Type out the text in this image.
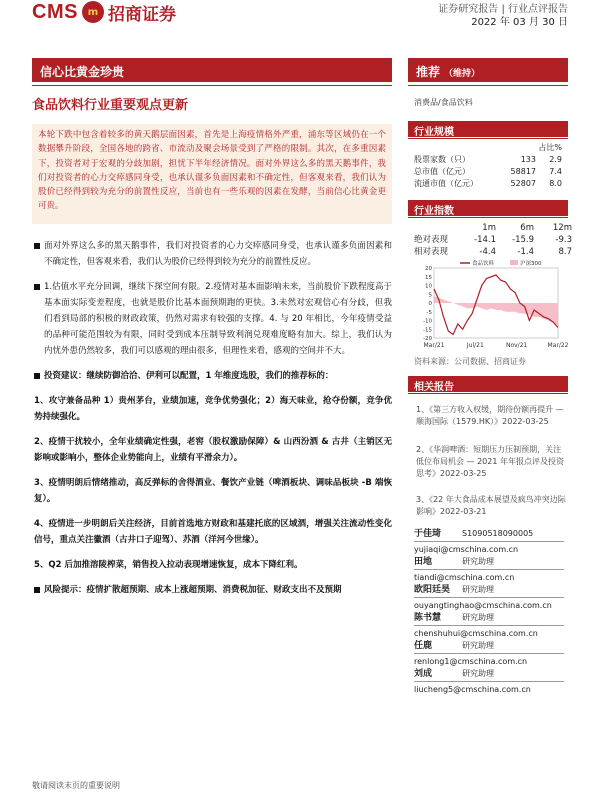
CMS m 招商证券	证券研究报告 | 行业点评报告
2022 年 03 月 30 日
信心比黄金珍贵	推荐 （维持）
食品饮料行业重要观点更新	消费品/食品饮料
本轮下跌中包含着较多的黄天鹅层面因素，首先是上海疫情格外严重，浦东等区域仍在一个数据攀升阶段，全国各地的跨省、市流动及聚会场景受到了严格的限制。其次，在多重因素下，投资者对于宏观的分歧加剧，担忧下半年经济情况。面对外界这么多的黑天鹅事件，我们对投资者的心力交瘁感同身受，也承认谨多负面因素和不确定性，但客观来看，我们认为股价已经得到较为充分的前置性反应，当前也有一些乐观的因素在发酵，当前信心比黄金更可贵。
面对外界这么多的黑天鹅事件，我们对投资者的心力交瘁感同身受，也承认谨多负面因素和不确定性，但客观来看，我们认为股价已经得到较为充分的前置性反应。
1.估值水平充分回调，继续下探空间有限。2.疫情对基本面影响未来，当前股价下跌程度高于基本面实际变差程度，也就是股价比基本面预期跑的更快。3.未然对宏观信心有分歧，但我们看到局部的积极的财政政策，仍然对需求有较强的支撑。4. 与 20 年相比，今年疫情受益的品种可能范围较为有限，同时受到成本压制导致利润兑现难度略有加大。综上，我们认为内忧外患仍然较多，我们可以感观的理由很多，但理性来看，感观的空间并不大。
投资建议：继续防御洽洽、伊利可以配置，1 年维度选股，我们的推荐标的：
1、攻守兼备品种 1）贵州茅台，业绩加速，竞争优势强化；2）海天味业，抢夺份额，竞争优势持续强化。
2、疫情干扰较小，全年业绩确定性强，老窖（股权激励保障）& 山西汾酒 & 古井（主销区无影响或影响小，整体企业势能向上，业绩有平滑余力）。
3、疫情明朗后情绪推动，高反弹标的舍得酒业、餐饮产业链（啤酒板块、调味品板块 -B 端恢复）。
4、疫情进一步明朗后关注经济，目前首选地方财政和基建托底的区域酒，增强关注流动性变化信号，重点关注徽酒（古井口子迎驾）、苏酒（洋河今世缘）。
5、Q2 后加推溶陵榨菜，销售投入拉动表现增速恢复，成本下降红利。
风险提示：疫情扩散超预期、成本上涨超预期、消费税加征、财政支出不及预期
行业规模
占比%
股票家数（只）	133	2.9
总市值（亿元）	58817	7.4
流通市值（亿元）	52807	8.0
行业指数
1m	6m	12m
绝对表现	-14.1	-15.9	-9.3
相对表现	-4.4	-1.4	8.7
-20
-15
-10
-5
0
5
10
15
20
Mar/21	Jul/21	Nov/21	Mar/22
食品饮料	沪深300
资料来源：公司数据、招商证券
相关报告
1、《第三方收入权缓，期待份额再提升 — 顺海国际（1579.HK）》2022-03-25
2、《华润啤酒：短期压力压制预期，关注低位布局机会 — 2021 年年报点评及投资思考》2022-03-25
3、《22 年大食品成本展望及疯鸟冲突边际影响》2022-03-21
于佳琦	S1090518090005
yujiaqi@cmschina.com.cn
田地	研究助理
tiandi@cmschina.com.cn
欧阳廷昊 研究助理
ouyangtinghao@cmschina.com.cn
陈书慧	研究助理
chenshuhui@cmschina.com.cn
任鹿	研究助理
renlong1@cmschina.com.cn
刘成	研究助理
liucheng5@cmschina.com.cn
敬请阅读末页的重要说明
